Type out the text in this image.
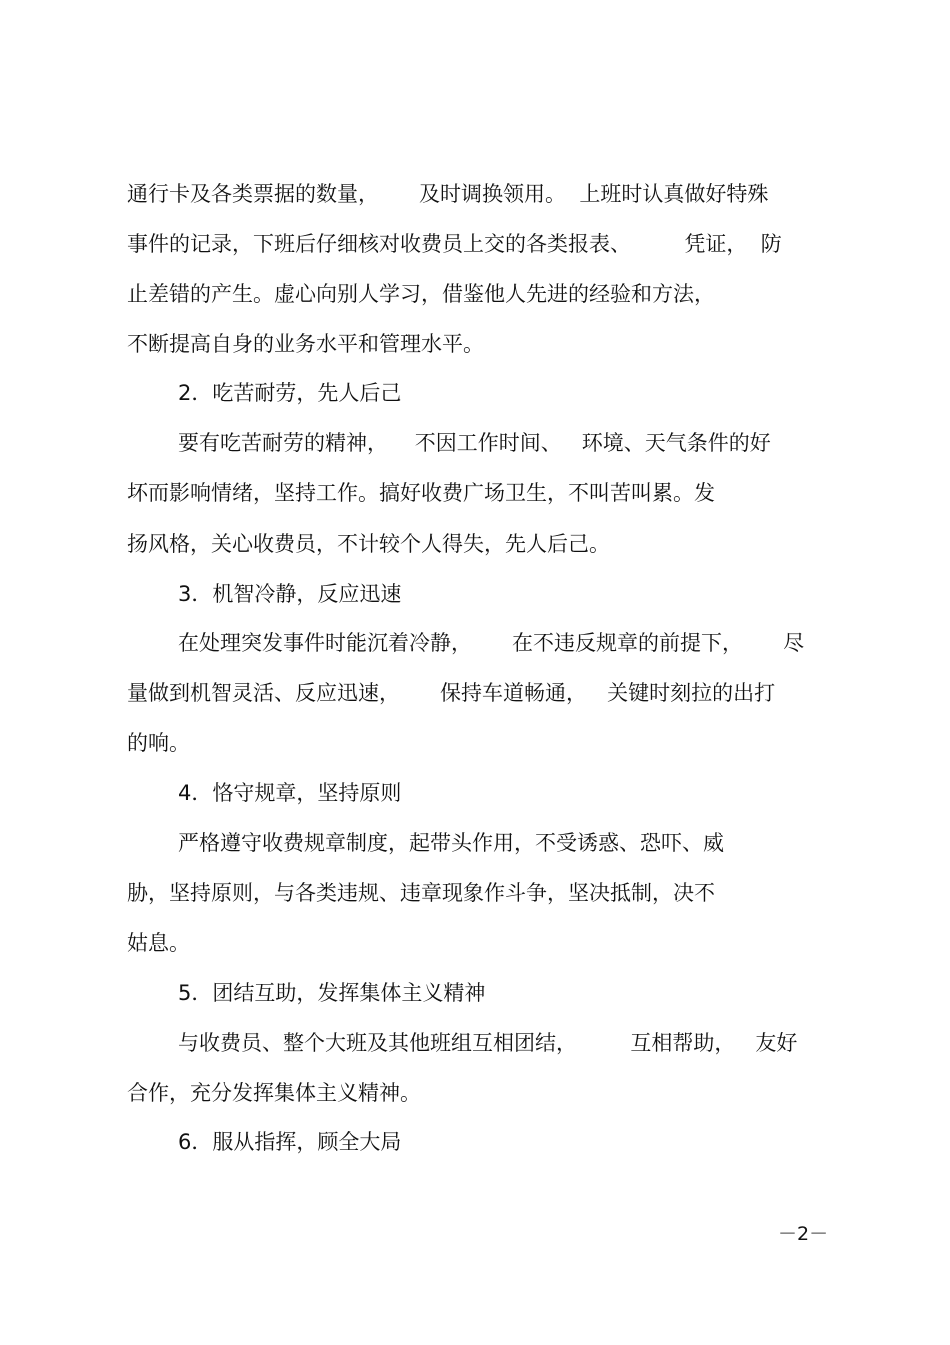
通行卡及各类票据的数量，      及时调换领用。  上班时认真做好特殊
事件的记录，下班后仔细核对收费员上交的各类报表、        凭证，  防
止差错的产生。虚心向别人学习，借鉴他人先进的经验和方法，
不断提高自身的业务水平和管理水平。
2．吃苦耐劳，先人后己
要有吃苦耐劳的精神，    不因工作时间、   环境、天气条件的好
坏而影响情绪，坚持工作。搞好收费广场卫生，不叫苦叫累。发
扬风格，关心收费员，不计较个人得失，先人后己。
3．机智冷静，反应迅速
在处理突发事件时能沉着冷静，      在不违反规章的前提下，      尽
量做到机智灵活、反应迅速，      保持车道畅通，   关键时刻拉的出打
的响。
4．恪守规章，坚持原则
严格遵守收费规章制度，起带头作用，不受诱惑、恐吓、威
胁，坚持原则，与各类违规、违章现象作斗争，坚决抵制，决不
姑息。
5．团结互助，发挥集体主义精神
与收费员、整个大班及其他班组互相团结，        互相帮助，   友好
合作，充分发挥集体主义精神。
6．服从指挥，顾全大局
－2－
